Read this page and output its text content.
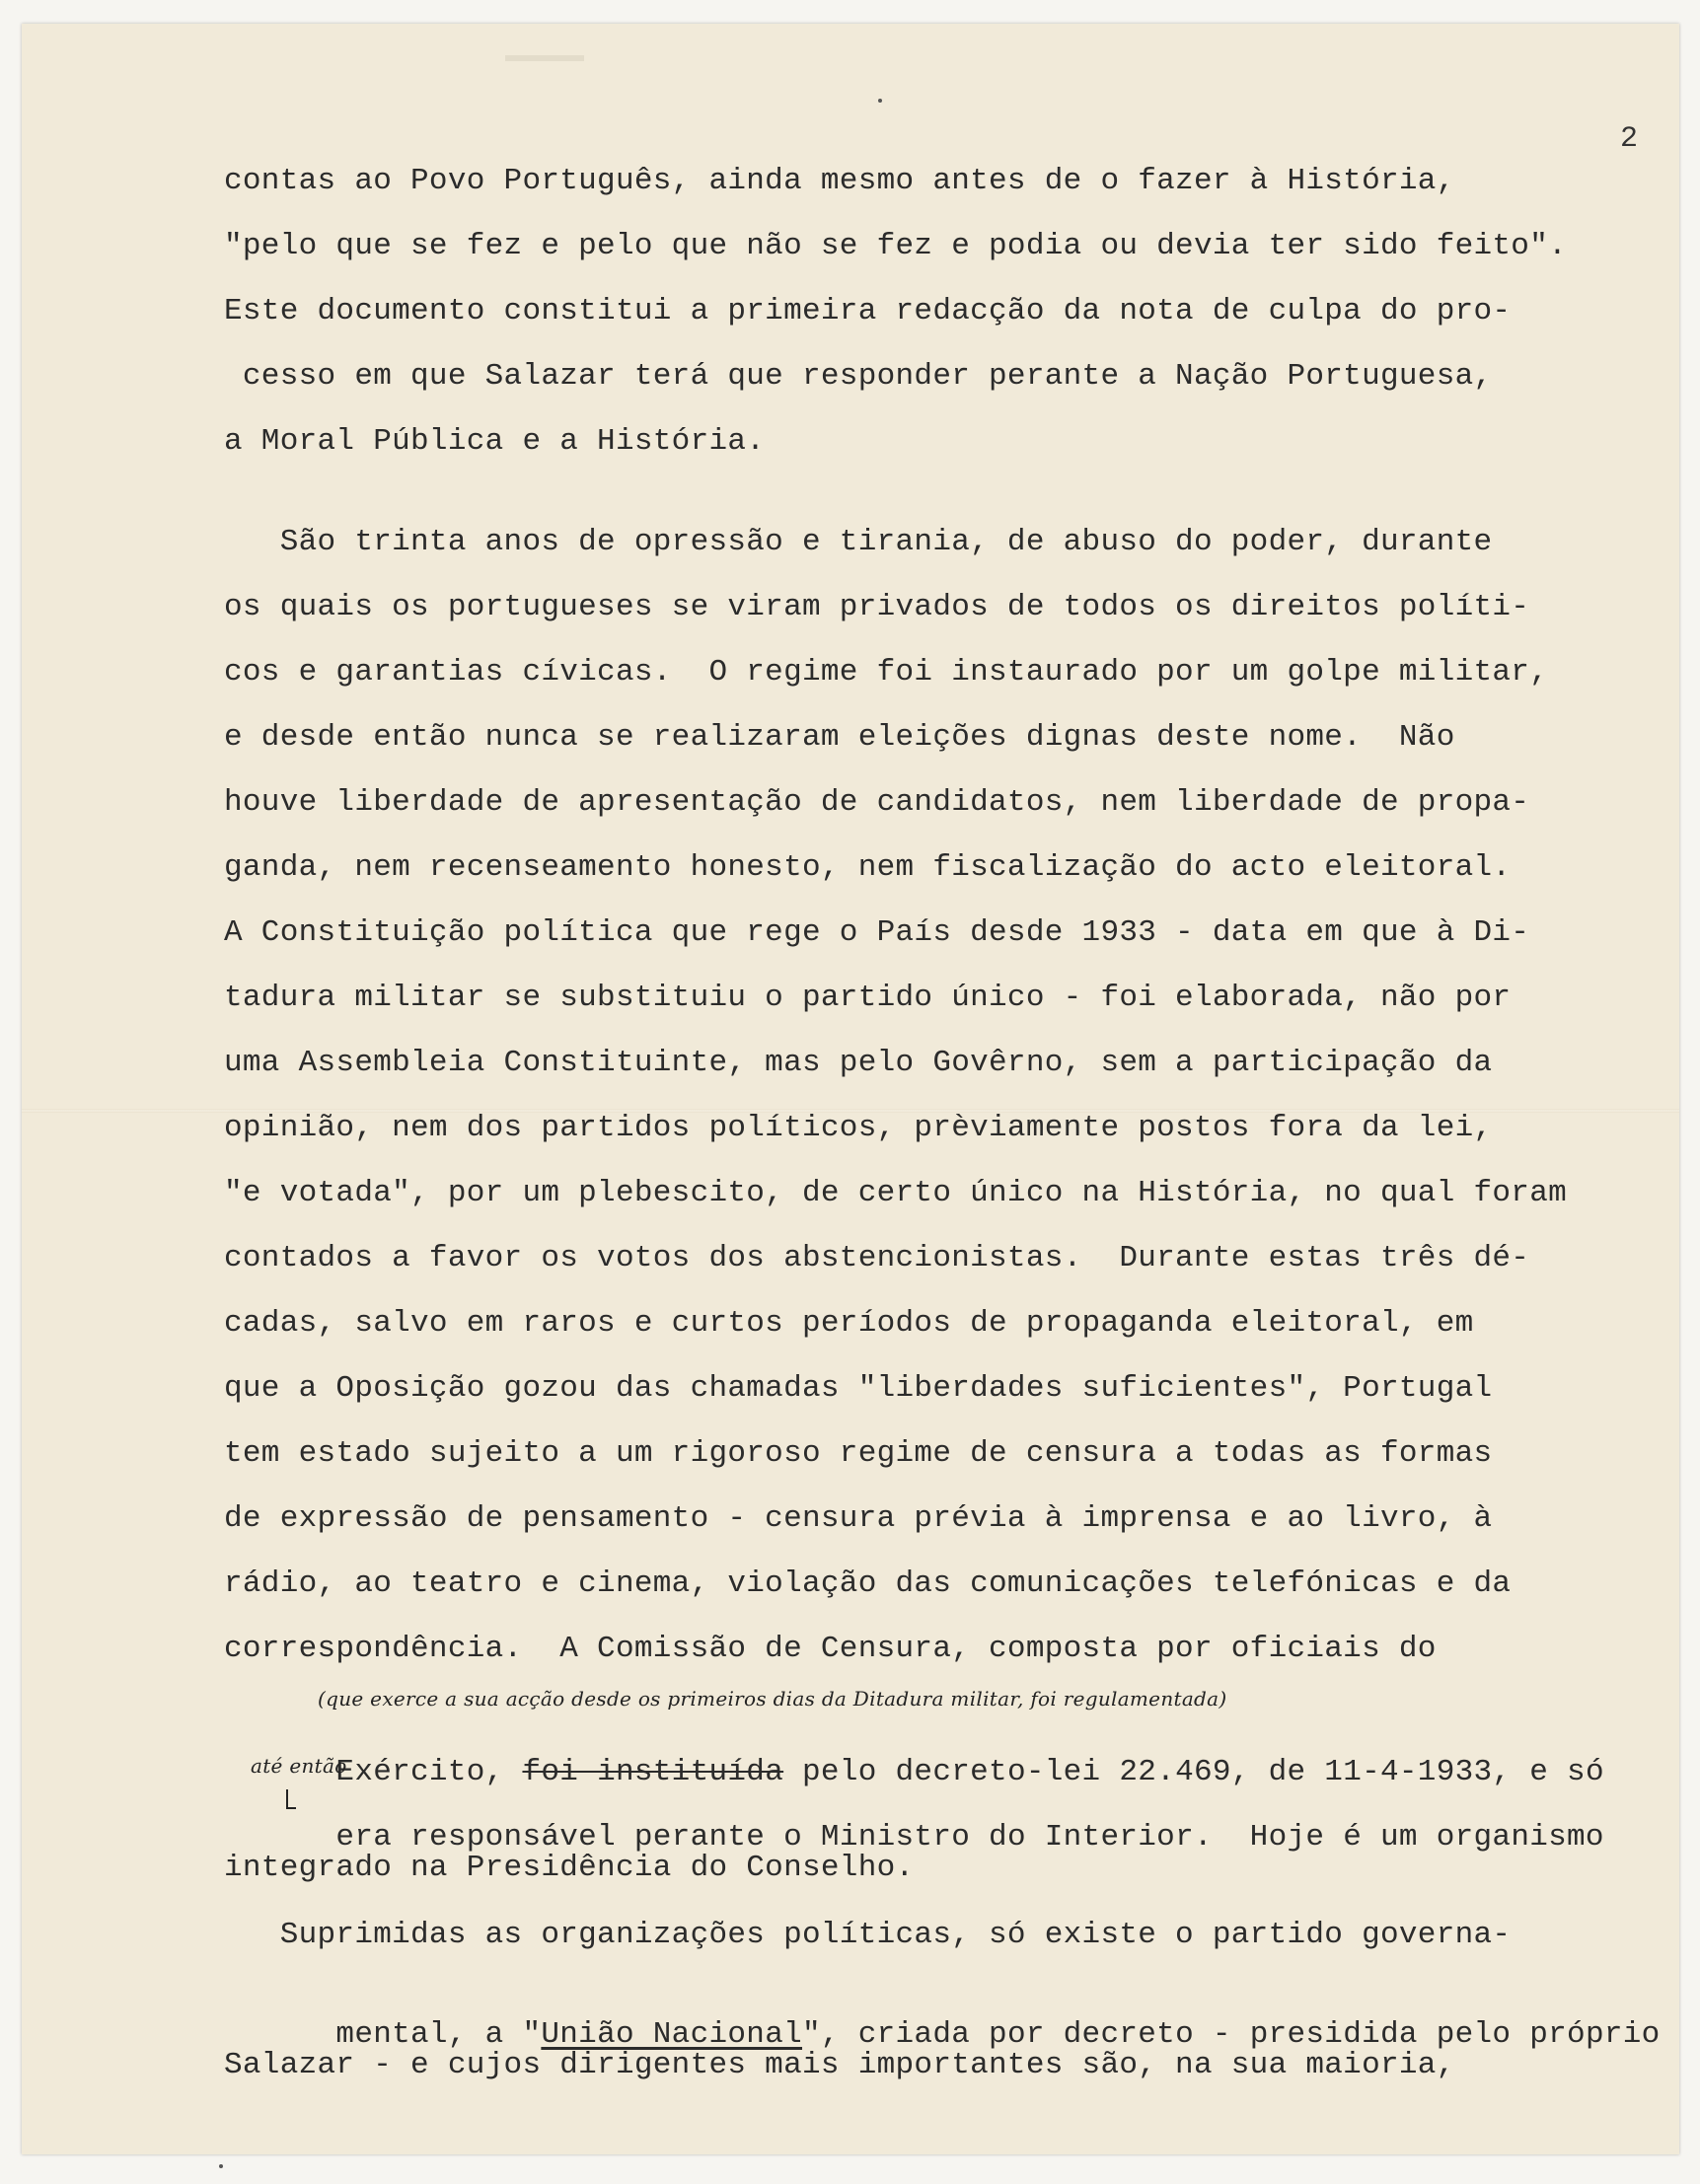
2
contas ao Povo Português, ainda mesmo antes de o fazer à História,
"pelo que se fez e pelo que não se fez e podia ou devia ter sido feito".
Este documento constitui a primeira redacção da nota de culpa do pro-
cesso em que Salazar terá que responder perante a Nação Portuguesa,
a Moral Pública e a História.
São trinta anos de opressão e tirania, de abuso do poder, durante
os quais os portugueses se viram privados de todos os direitos políti-
cos e garantias cívicas.  O regime foi instaurado por um golpe militar,
e desde então nunca se realizaram eleições dignas deste nome.  Não
houve liberdade de apresentação de candidatos, nem liberdade de propa-
ganda, nem recenseamento honesto, nem fiscalização do acto eleitoral.
A Constituição política que rege o País desde 1933 - data em que à Di-
tadura militar se substituiu o partido único - foi elaborada, não por
uma Assembleia Constituinte, mas pelo Govêrno, sem a participação da
opinião, nem dos partidos políticos, prèviamente postos fora da lei,
"e votada", por um plebescito, de certo único na História, no qual foram
contados a favor os votos dos abstencionistas.  Durante estas três dé-
cadas, salvo em raros e curtos períodos de propaganda eleitoral, em
que a Oposição gozou das chamadas "liberdades suficientes", Portugal
tem estado sujeito a um rigoroso regime de censura a todas as formas
de expressão de pensamento - censura prévia à imprensa e ao livro, à
rádio, ao teatro e cinema, violação das comunicações telefónicas e da
correspondência.  A Comissão de Censura, composta por oficiais do
(que exerce a sua acção desde os primeiros dias da Ditadura militar, foi regulamentada)

Exército, foi instituída pelo decreto-lei 22.469, de 11-4-1933, e só

até então

era responsável perante o Ministro do Interior.  Hoje é um organismo

integrado na Presidência do Conselho.
Suprimidas as organizações políticas, só existe o partido governa-

mental, a "União Nacional", criada por decreto - presidida pelo próprio

Salazar - e cujos dirigentes mais importantes são, na sua maioria,
